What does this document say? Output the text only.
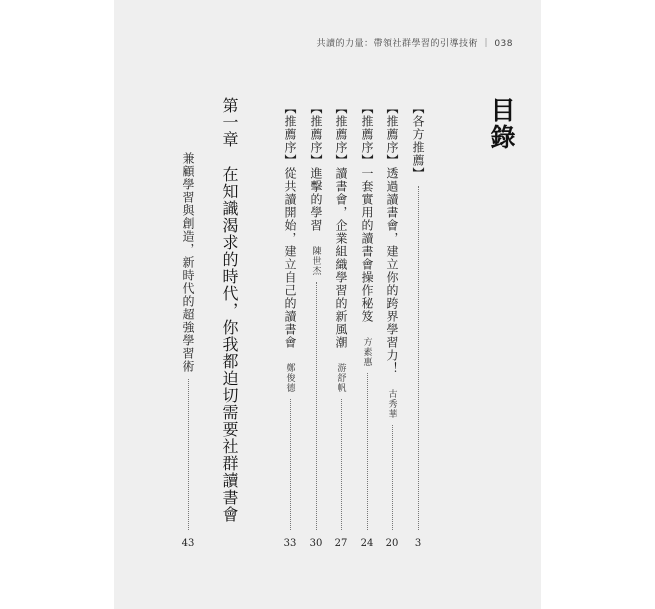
共讀的力量：帶領社群學習的引導技術 ｜ 038
目錄
【各方推薦】
3
【推薦序】透過讀書會，建立你的跨界學習力！
古秀華
20
【推薦序】一套實用的讀書會操作秘笈
方素惠
24
【推薦序】讀書會，企業組織學習的新風潮
游舒帆
27
【推薦序】進擊的學習
陳世杰
30
【推薦序】從共讀開始，建立自己的讀書會
鄭俊德
33
第一章 在知識渴求的時代，你我都迫切需要社群讀書會
兼顧學習與創造，新時代的超強學習術
43
